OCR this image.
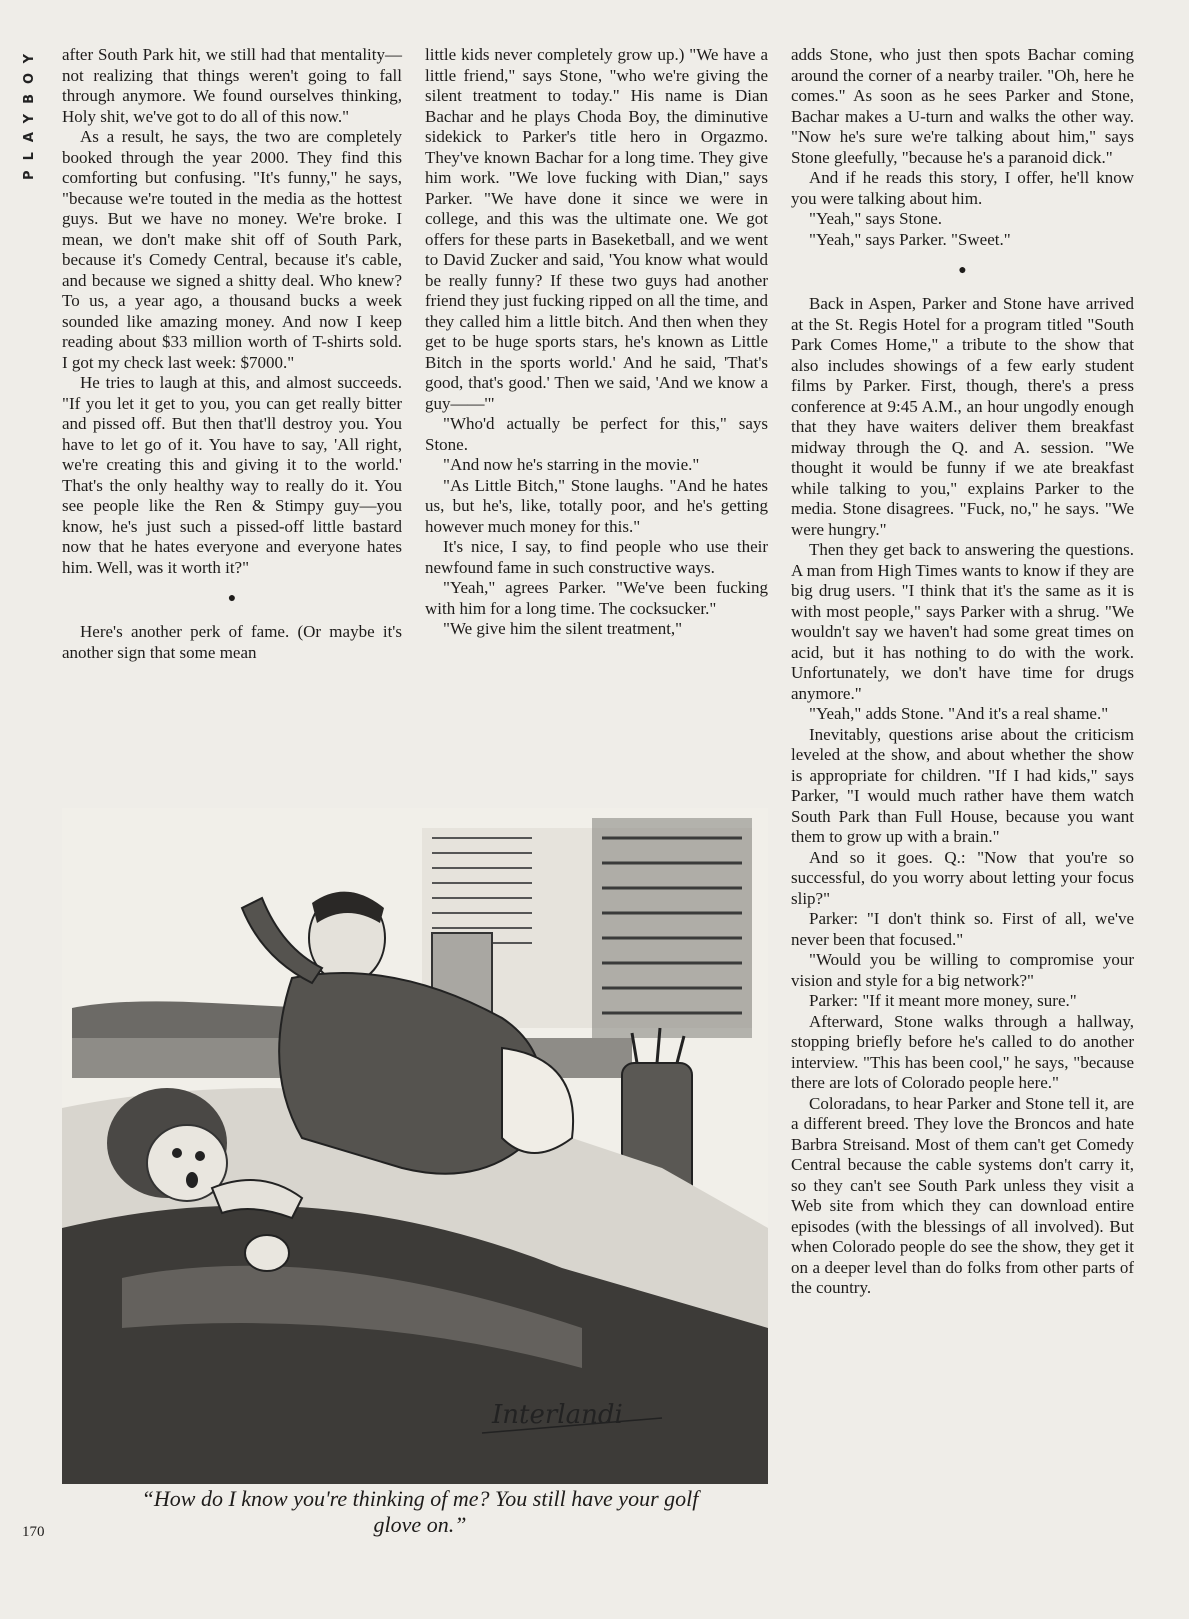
PLAYBOY after South Park hit, we still had that mentality—not realizing that things weren't going to fall through anymore. We found ourselves thinking, Holy shit, we've got to do all of this now."

As a result, he says, the two are completely booked through the year 2000. They find this comforting but confusing. "It's funny," he says, "because we're touted in the media as the hottest guys. But we have no money. We're broke. I mean, we don't make shit off of South Park, because it's Comedy Central, because it's cable, and because we signed a shitty deal. Who knew? To us, a year ago, a thousand bucks a week sounded like amazing money. And now I keep reading about $33 million worth of T-shirts sold. I got my check last week: $7000."

He tries to laugh at this, and almost succeeds. "If you let it get to you, you can get really bitter and pissed off. But then that'll destroy you. You have to let go of it. You have to say, 'All right, we're creating this and giving it to the world.' That's the only healthy way to really do it. You see people like the Ren & Stimpy guy—you know, he's just such a pissed-off little bastard now that he hates everyone and everyone hates him. Well, was it worth it?"

●

Here's another perk of fame. (Or maybe it's another sign that some mean

little kids never completely grow up.) "We have a little friend," says Stone, "who we're giving the silent treatment to today." His name is Dian Bachar and he plays Choda Boy, the diminutive sidekick to Parker's title hero in Orgazmo. They've known Bachar for a long time. They give him work. "We love fucking with Dian," says Parker. "We have done it since we were in college, and this was the ultimate one. We got offers for these parts in Baseketball, and we went to David Zucker and said, 'You know what would be really funny? If these two guys had another friend they just fucking ripped on all the time, and they called him a little bitch. And then when they get to be huge sports stars, he's known as Little Bitch in the sports world.' And he said, 'That's good, that's good.' Then we said, 'And we know a guy——'"

"Who'd actually be perfect for this," says Stone.

"And now he's starring in the movie."

"As Little Bitch," Stone laughs. "And he hates us, but he's, like, totally poor, and he's getting however much money for this."

It's nice, I say, to find people who use their newfound fame in such constructive ways.

"Yeah," agrees Parker. "We've been fucking with him for a long time. The cocksucker."

"We give him the silent treatment,"

adds Stone, who just then spots Bachar coming around the corner of a nearby trailer. "Oh, here he comes." As soon as he sees Parker and Stone, Bachar makes a U-turn and walks the other way. "Now he's sure we're talking about him," says Stone gleefully, "because he's a paranoid dick."

And if he reads this story, I offer, he'll know you were talking about him.

"Yeah," says Stone.

"Yeah," says Parker. "Sweet."

●

Back in Aspen, Parker and Stone have arrived at the St. Regis Hotel for a program titled "South Park Comes Home," a tribute to the show that also includes showings of a few early student films by Parker. First, though, there's a press conference at 9:45 A.M., an hour ungodly enough that they have waiters deliver them breakfast midway through the Q. and A. session. "We thought it would be funny if we ate breakfast while talking to you," explains Parker to the media. Stone disagrees. "Fuck, no," he says. "We were hungry."

Then they get back to answering the questions. A man from High Times wants to know if they are big drug users. "I think that it's the same as it is with most people," says Parker with a shrug. "We wouldn't say we haven't had some great times on acid, but it has nothing to do with the work. Unfortunately, we don't have time for drugs anymore."

"Yeah," adds Stone. "And it's a real shame."

Inevitably, questions arise about the criticism leveled at the show, and about whether the show is appropriate for children. "If I had kids," says Parker, "I would much rather have them watch South Park than Full House, because you want them to grow up with a brain."

And so it goes. Q.: "Now that you're so successful, do you worry about letting your focus slip?"

Parker: "I don't think so. First of all, we've never been that focused."

"Would you be willing to compromise your vision and style for a big network?"

Parker: "If it meant more money, sure."

Afterward, Stone walks through a hallway, stopping briefly before he's called to do another interview. "This has been cool," he says, "because there are lots of Colorado people here."

Coloradans, to hear Parker and Stone tell it, are a different breed. They love the Broncos and hate Barbra Streisand. Most of them can't get Comedy Central because the cable systems don't carry it, so they can't see South Park unless they visit a Web site from which they can download entire episodes (with the blessings of all involved). But when Colorado people do see the show, they get it on a deeper level than do folks from other parts of the country.

Interlandi
“How do I know you're thinking of me? You still have your golf glove on.”
170
